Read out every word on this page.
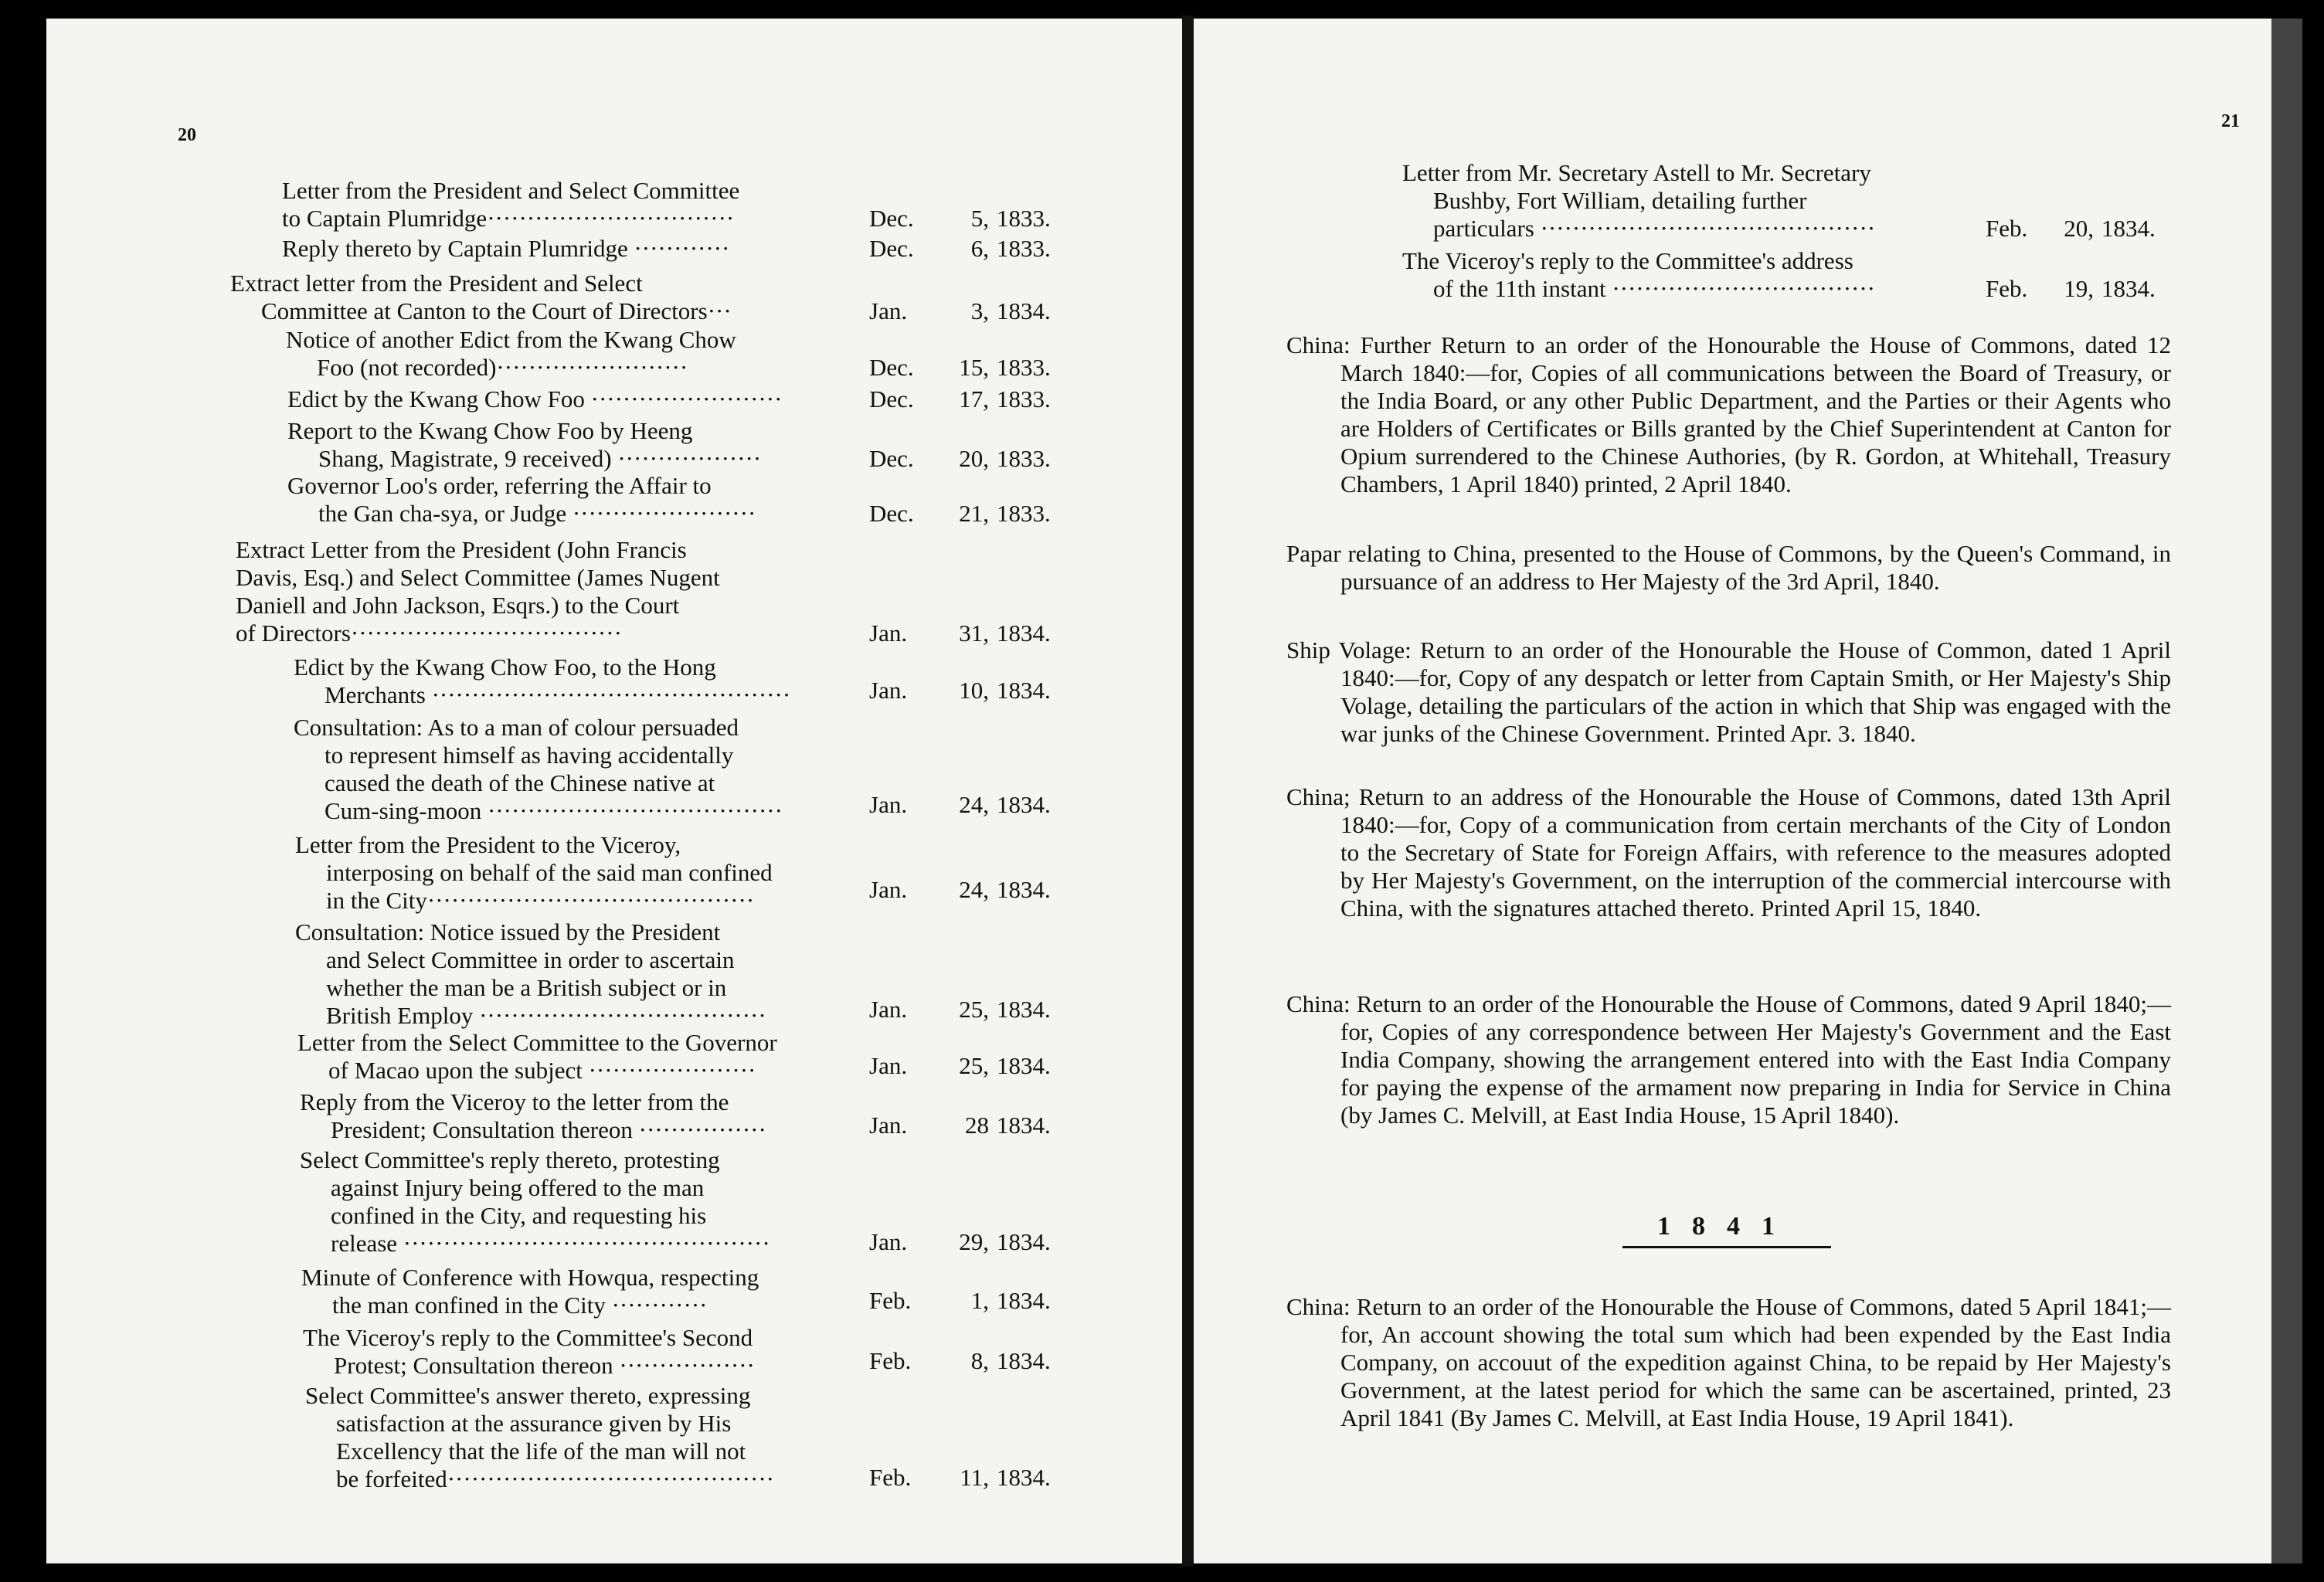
20
Letter from the President and Select Committee
to Captain Plumridge·······························	Dec.	5, 1833.
Reply thereto by Captain Plumridge ············	Dec.	6, 1833.
Extract letter from the President and Select
Committee at Canton to the Court of Directors···	Jan.	3, 1834.
Notice of another Edict from the Kwang Chow
Foo (not recorded)························	Dec.	15, 1833.
Edict by the Kwang Chow Foo ························	Dec.	17, 1833.
Report to the Kwang Chow Foo by Heeng
Shang, Magistrate, 9 received) ··················	Dec.	20, 1833.
Governor Loo's order, referring the Affair to
the Gan cha-sya, or Judge ·······················	Dec.	21, 1833.
Extract Letter from the President (John Francis
Davis, Esq.) and Select Committee (James Nugent
Daniell and John Jackson, Esqrs.) to the Court
of Directors··································	Jan.	31, 1834.
Edict by the Kwang Chow Foo, to the Hong
Merchants ·············································	Jan.	10, 1834.
Consultation: As to a man of colour persuaded
to represent himself as having accidentally
caused the death of the Chinese native at
Cum-sing-moon ·····································	Jan.	24, 1834.
Letter from the President to the Viceroy,
interposing on behalf of the said man confined
in the City·········································	Jan.	24, 1834.
Consultation: Notice issued by the President
and Select Committee in order to ascertain
whether the man be a British subject or in
British Employ ····································	Jan.	25, 1834.
Letter from the Select Committee to the Governor
of Macao upon the subject ·····················	Jan.	25, 1834.
Reply from the Viceroy to the letter from the
President; Consultation thereon ················	Jan.	28 1834.
Select Committee's reply thereto, protesting
against Injury being offered to the man
confined in the City, and requesting his
release ··············································	Jan.	29, 1834.
Minute of Conference with Howqua, respecting
the man confined in the City ············	Feb.	1, 1834.
The Viceroy's reply to the Committee's Second
Protest; Consultation thereon ·················	Feb.	8, 1834.
Select Committee's answer thereto, expressing
satisfaction at the assurance given by His
Excellency that the life of the man will not
be forfeited·········································	Feb.	11, 1834.
21
Letter from Mr. Secretary Astell to Mr. Secretary
Bushby, Fort William, detailing further
particulars ··········································	Feb.	20, 1834.
The Viceroy's reply to the Committee's address
of the 11th instant ·································	Feb.	19, 1834.
China: Further Return to an order of the Honourable the House of Commons, dated 12 March 1840:—for, Copies of all communications between the Board of Treasury, or the India Board, or any other Public Department, and the Parties or their Agents who are Holders of Certificates or Bills granted by the Chief Superintendent at Canton for Opium surrendered to the Chinese Authories, (by R. Gordon, at Whitehall, Treasury Chambers, 1 April 1840) printed, 2 April 1840.
Papar relating to China, presented to the House of Commons, by the Queen's Command, in pursuance of an address to Her Majesty of the 3rd April, 1840.
Ship Volage: Return to an order of the Honourable the House of Common, dated 1 April 1840:—for, Copy of any despatch or letter from Captain Smith, or Her Majesty's Ship Volage, detailing the particulars of the action in which that Ship was engaged with the war junks of the Chinese Government. Printed Apr. 3. 1840.
China; Return to an address of the Honourable the House of Commons, dated 13th April 1840:—for, Copy of a communication from certain merchants of the City of London to the Secretary of State for Foreign Affairs, with reference to the measures adopted by Her Majesty's Government, on the interruption of the commercial intercourse with China, with the signatures attached thereto. Printed April 15, 1840.
China: Return to an order of the Honourable the House of Commons, dated 9 April 1840;—for, Copies of any correspondence between Her Majesty's Government and the East India Company, showing the arrangement entered into with the East India Company for paying the expense of the armament now preparing in India for Service in China (by James C. Melvill, at East India House, 15 April 1840).
1841
China: Return to an order of the Honourable the House of Commons, dated 5 April 1841;—for, An account showing the total sum which had been expended by the East India Company, on accouut of the expedition against China, to be repaid by Her Majesty's Government, at the latest period for which the same can be ascertained, printed, 23 April 1841 (By James C. Melvill, at East India House, 19 April 1841).
